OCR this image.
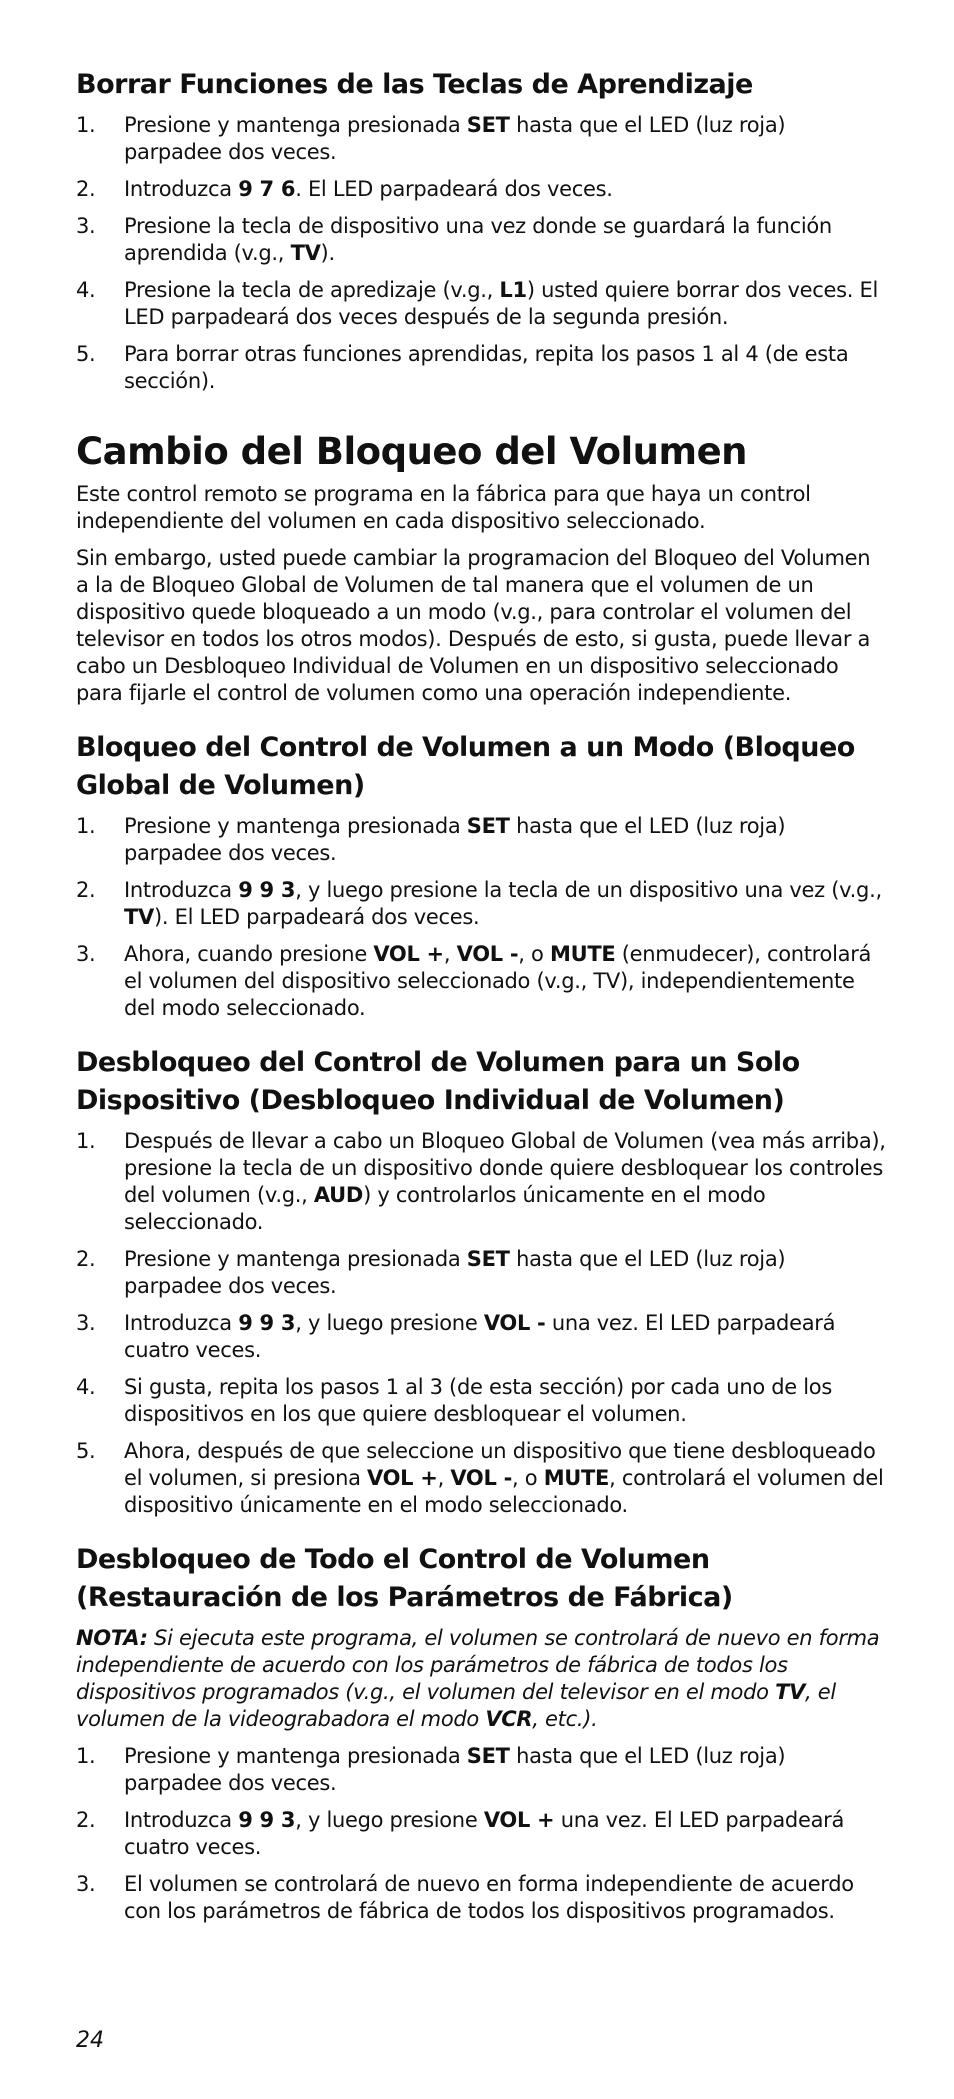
Borrar Funciones de las Teclas de Aprendizaje
1. Presione y mantenga presionada SET hasta que el LED (luz roja) parpadee dos veces.
2. Introduzca 9 7 6. El LED parpadeará dos veces.
3. Presione la tecla de dispositivo una vez donde se guardará la función aprendida (v.g., TV).
4. Presione la tecla de apredizaje (v.g., L1) usted quiere borrar dos veces. El LED parpadeará dos veces después de la segunda presión.
5. Para borrar otras funciones aprendidas, repita los pasos 1 al 4 (de esta sección).
Cambio del Bloqueo del Volumen

Este control remoto se programa en la fábrica para que haya un control independiente del volumen en cada dispositivo seleccionado.

Sin embargo, usted puede cambiar la programacion del Bloqueo del Volumen a la de Bloqueo Global de Volumen de tal manera que el volumen de un dispositivo quede bloqueado a un modo (v.g., para controlar el volumen del televisor en todos los otros modos). Después de esto, si gusta, puede llevar a cabo un Desbloqueo Individual de Volumen en un dispositivo seleccionado para fijarle el control de volumen como una operación independiente.

Bloqueo del Control de Volumen a un Modo (Bloqueo Global de Volumen)
1. Presione y mantenga presionada SET hasta que el LED (luz roja) parpadee dos veces.
2. Introduzca 9 9 3, y luego presione la tecla de un dispositivo una vez (v.g., TV). El LED parpadeará dos veces.
3. Ahora, cuando presione VOL +, VOL -, o MUTE (enmudecer), controlará el volumen del dispositivo seleccionado (v.g., TV), independientemente del modo seleccionado.
Desbloqueo del Control de Volumen para un Solo Dispositivo (Desbloqueo Individual de Volumen)
1. Después de llevar a cabo un Bloqueo Global de Volumen (vea más arriba), presione la tecla de un dispositivo donde quiere desbloquear los controles del volumen (v.g., AUD) y controlarlos únicamente en el modo seleccionado.
2. Presione y mantenga presionada SET hasta que el LED (luz roja) parpadee dos veces.
3. Introduzca 9 9 3, y luego presione VOL - una vez. El LED parpadeará cuatro veces.
4. Si gusta, repita los pasos 1 al 3 (de esta sección) por cada uno de los dispositivos en los que quiere desbloquear el volumen.
5. Ahora, después de que seleccione un dispositivo que tiene desbloqueado el volumen, si presiona VOL +, VOL -, o MUTE, controlará el volumen del dispositivo únicamente en el modo seleccionado.
Desbloqueo de Todo el Control de Volumen (Restauración de los Parámetros de Fábrica)

NOTA: Si ejecuta este programa, el volumen se controlará de nuevo en forma independiente de acuerdo con los parámetros de fábrica de todos los dispositivos programados (v.g., el volumen del televisor en el modo TV, el volumen de la videograbadora el modo VCR, etc.).

1. Presione y mantenga presionada SET hasta que el LED (luz roja) parpadee dos veces.
2. Introduzca 9 9 3, y luego presione VOL + una vez. El LED parpadeará cuatro veces.
3. El volumen se controlará de nuevo en forma independiente de acuerdo con los parámetros de fábrica de todos los dispositivos programados.
24
